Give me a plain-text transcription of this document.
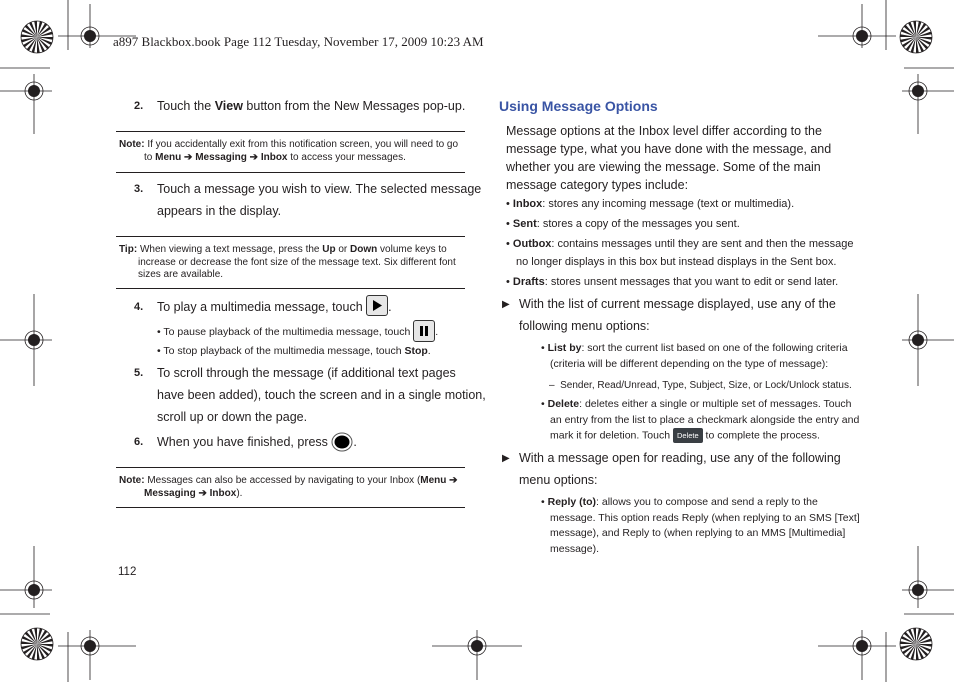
a897 Blackbox.book Page 112 Tuesday, November 17, 2009 10:23 AM
2. Touch the View button from the New Messages pop-up.
Note: If you accidentally exit from this notification screen, you will need to go
to Menu ➔ Messaging ➔ Inbox to access your messages.
3. Touch a message you wish to view. The selected message
appears in the display.
Tip: When viewing a text message, press the Up or Down volume keys to
increase or decrease the font size of the message text. Six different font
sizes are available.
4. To play a multimedia message, touch .
• To pause playback of the multimedia message, touch .
• To stop playback of the multimedia message, touch Stop.
5. To scroll through the message (if additional text pages
have been added), touch the screen and in a single motion,
scroll up or down the page.
6. When you have finished, press .
Note: Messages can also be accessed by navigating to your Inbox (Menu ➔
Messaging ➔ Inbox).
112
Using Message Options
Message options at the Inbox level differ according to the
message type, what you have done with the message, and
whether you are viewing the message. Some of the main
message category types include:
• Inbox: stores any incoming message (text or multimedia).
• Sent: stores a copy of the messages you sent.
• Outbox: contains messages until they are sent and then the message
no longer displays in this box but instead displays in the Sent box.
• Drafts: stores unsent messages that you want to edit or send later.
▶ With the list of current message displayed, use any of the
following menu options:
• List by: sort the current list based on one of the following criteria
(criteria will be different depending on the type of message):
– Sender, Read/Unread, Type, Subject, Size, or Lock/Unlock status.
• Delete: deletes either a single or multiple set of messages. Touch
an entry from the list to place a checkmark alongside the entry and
mark it for deletion. Touch Delete to complete the process.
▶ With a message open for reading, use any of the following
menu options:
• Reply (to): allows you to compose and send a reply to the
message. This option reads Reply (when replying to an SMS [Text]
message), and Reply to (when replying to an MMS [Multimedia]
message).
